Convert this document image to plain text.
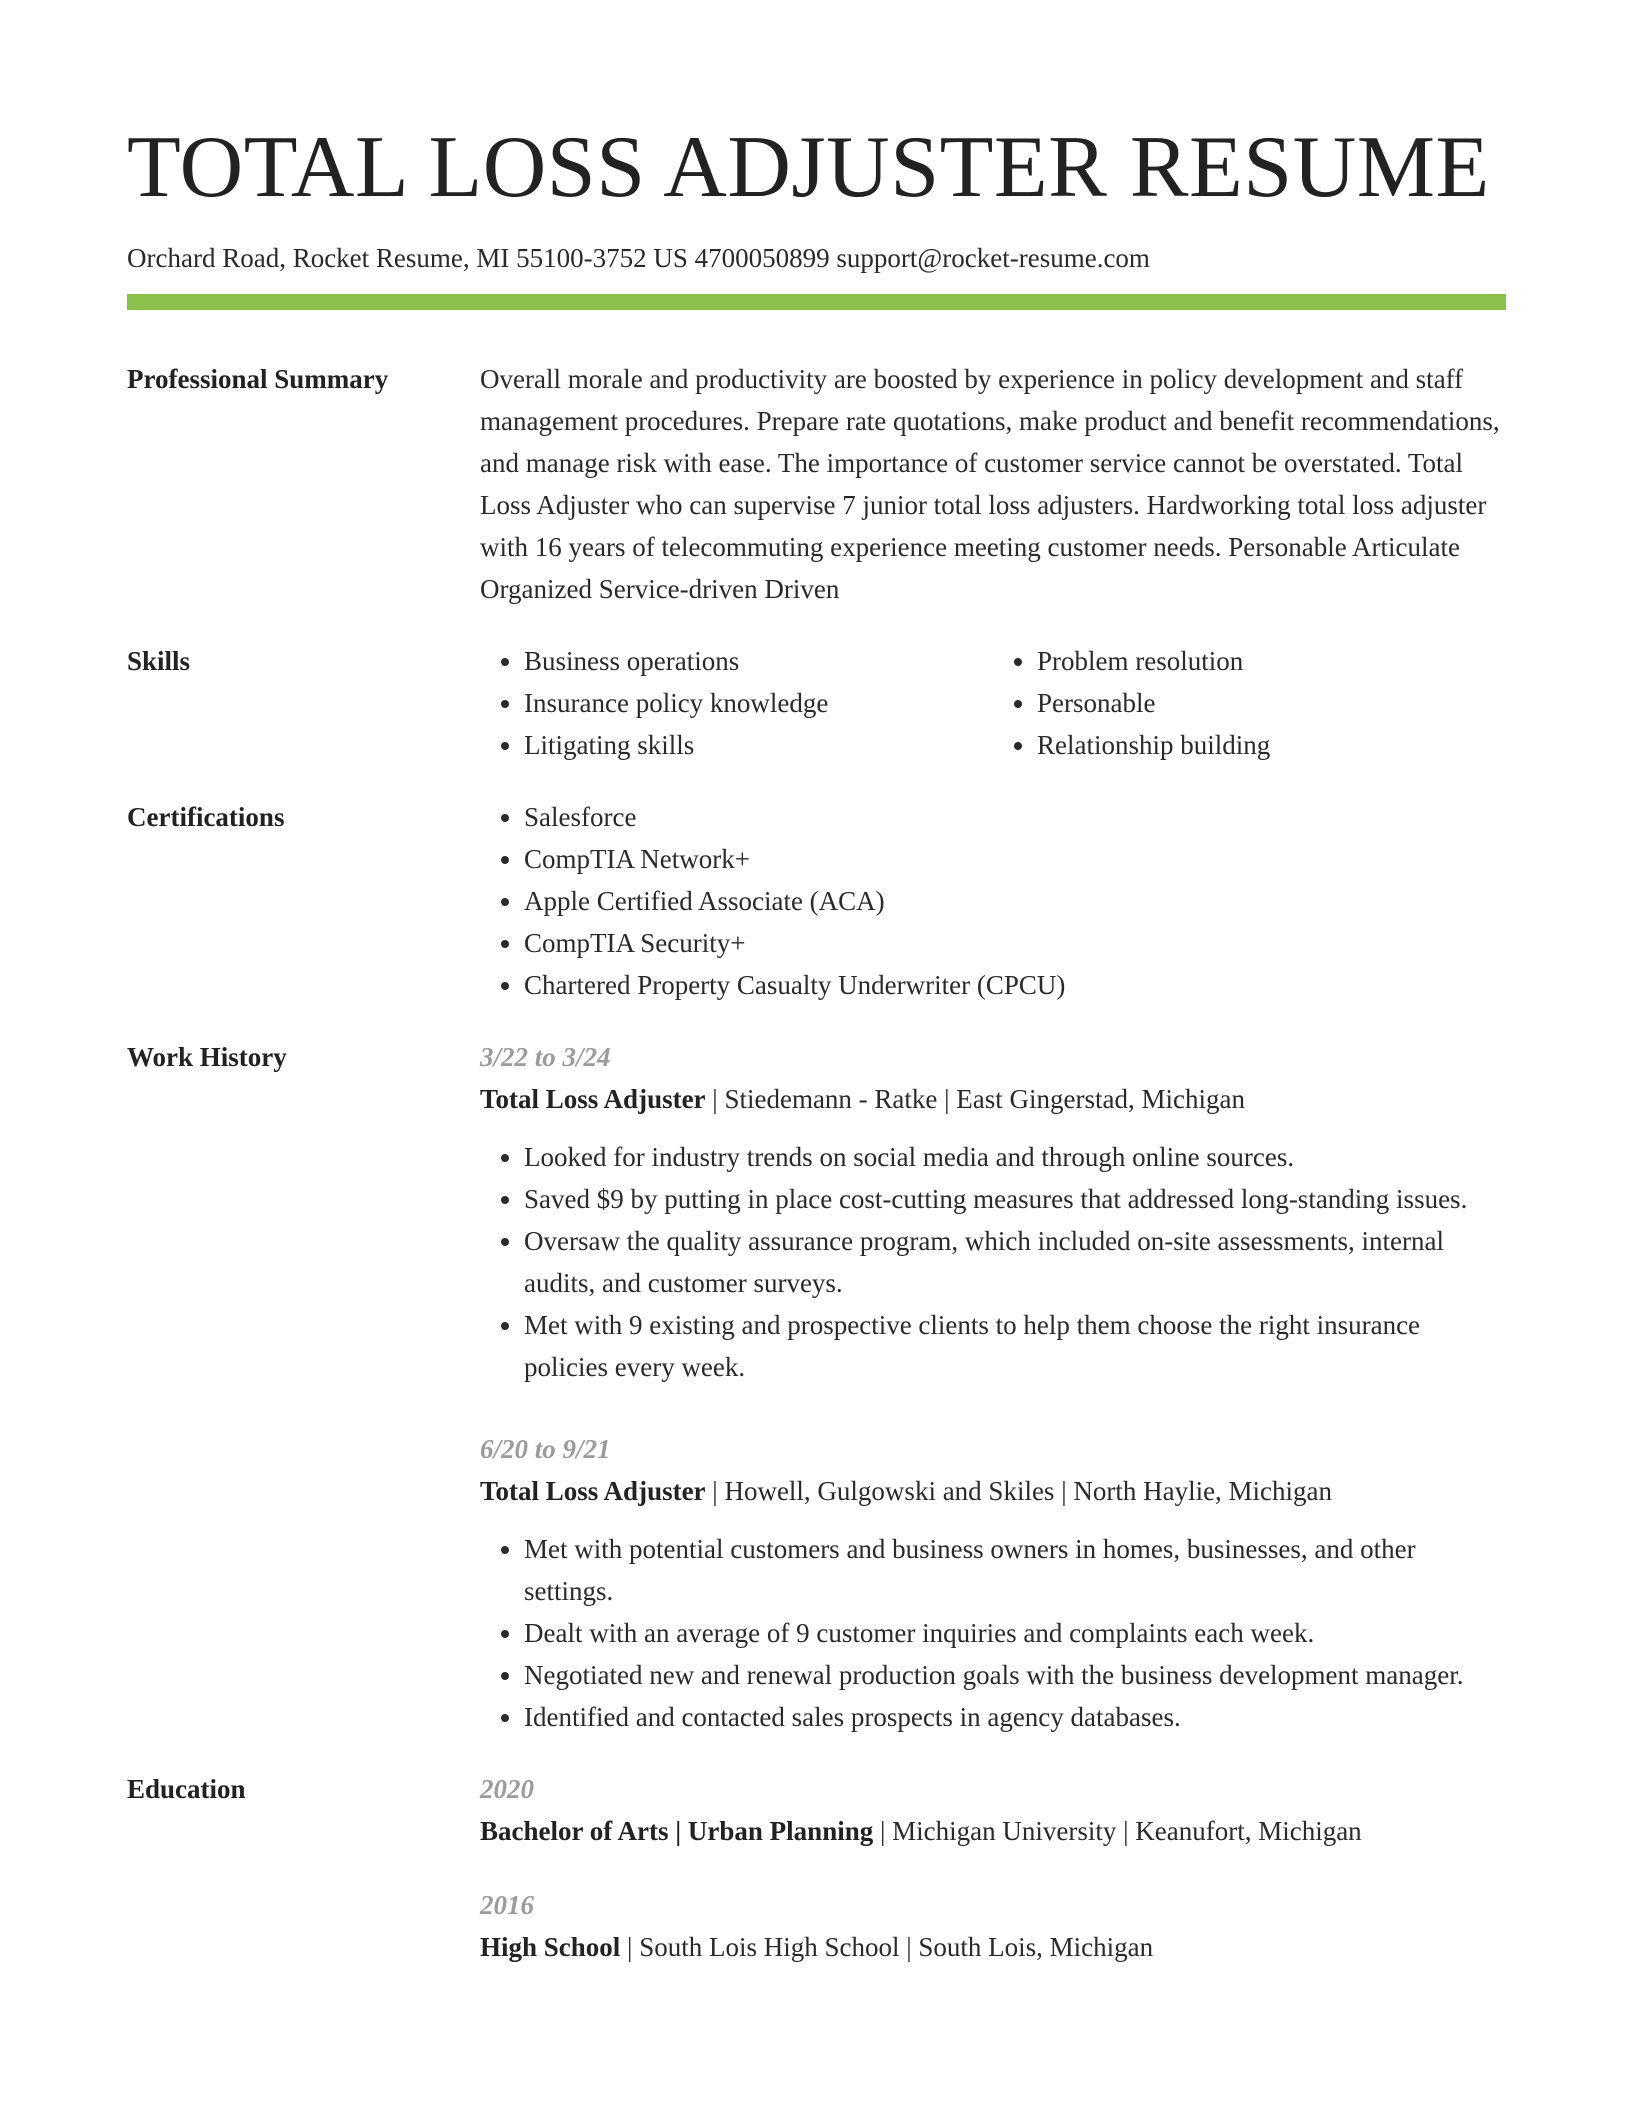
TOTAL LOSS ADJUSTER RESUME
Orchard Road, Rocket Resume, MI 55100-3752 US 4700050899 support@rocket-resume.com
Professional Summary	Overall morale and productivity are boosted by experience in policy development and staff management procedures. Prepare rate quotations, make product and benefit recommendations, and manage risk with ease. The importance of customer service cannot be overstated. Total Loss Adjuster who can supervise 7 junior total loss adjusters. Hardworking total loss adjuster with 16 years of telecommuting experience meeting customer needs. Personable Articulate Organized Service-driven Driven

Skills	• Business operations
• Insurance policy knowledge
• Litigating skills
• Problem resolution
• Personable
• Relationship building
Certifications	• Salesforce
• CompTIA Network+
• Apple Certified Associate (ACA)
• CompTIA Security+
• Chartered Property Casualty Underwriter (CPCU)
Work History	3/22 to 3/24
Total Loss Adjuster | Stiedemann - Ratke | East Gingerstad, Michigan
• Looked for industry trends on social media and through online sources.
• Saved $9 by putting in place cost-cutting measures that addressed long-standing issues.
• Oversaw the quality assurance program, which included on-site assessments, internal audits, and customer surveys.
• Met with 9 existing and prospective clients to help them choose the right insurance policies every week.
6/20 to 9/21
Total Loss Adjuster | Howell, Gulgowski and Skiles | North Haylie, Michigan
• Met with potential customers and business owners in homes, businesses, and other settings.
• Dealt with an average of 9 customer inquiries and complaints each week.
• Negotiated new and renewal production goals with the business development manager.
• Identified and contacted sales prospects in agency databases.
Education	2020
Bachelor of Arts | Urban Planning | Michigan University | Keanufort, Michigan
2016
High School | South Lois High School | South Lois, Michigan
